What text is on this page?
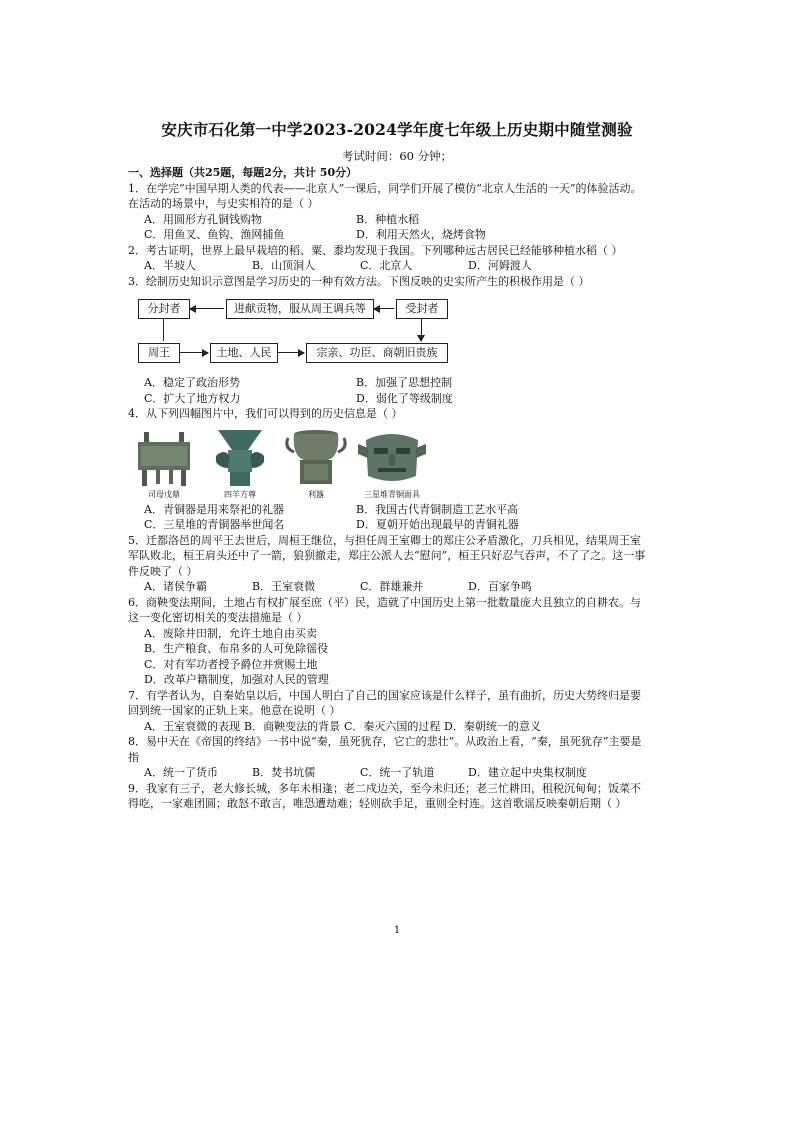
安庆市石化第一中学2023-2024学年度七年级上历史期中随堂测验
考试时间：60 分钟；
一、选择题（共25题，每题2分，共计 50分）
1．在学完“中国早期人类的代表——北京人”一课后，同学们开展了模仿“北京人生活的一天”的体验活动。
在活动的场景中，与史实相符的是（ ）
A．用圆形方孔铜钱购物	B．种植水稻
C．用鱼叉、鱼钩、渔网捕鱼	D．利用天然火，烧烤食物
2．考古证明，世界上最早栽培的稻、粟、黍均发现于我国。下列哪种远古居民已经能够种植水稻（ ）
A．半坡人	B．山顶洞人	C．北京人	D．河姆渡人
3．绘制历史知识示意图是学习历史的一种有效方法。下图反映的史实所产生的积极作用是（ ）
分封者	进献贡物，服从周王调兵等	受封者
周王	土地、人民	宗亲、功臣、商朝旧贵族
A．稳定了政治形势	B．加强了思想控制
C．扩大了地方权力	D．弱化了等级制度
4．从下列四幅图片中，我们可以得到的历史信息是（ ）
司母戊鼎	四羊方尊	利簋	三星堆青铜面具
A．青铜器是用来祭祀的礼器	B．我国古代青铜制造工艺水平高
C．三星堆的青铜器举世闻名	D．夏朝开始出现最早的青铜礼器
5．迁都洛邑的周平王去世后，周桓王继位，与担任周王室卿士的郑庄公矛盾激化，刀兵相见，结果周王室
军队败北，桓王肩头还中了一箭，狼狈撤走，郑庄公派人去“慰问”，桓王只好忍气吞声，不了了之。这一事
件反映了（ ）
A．诸侯争霸	B．王室衰微	C．群雄兼并	D．百家争鸣
6．商鞅变法期间，土地占有权扩展至庶（平）民，造就了中国历史上第一批数量庞大且独立的自耕农。与
这一变化密切相关的变法措施是（ ）
A．废除井田制，允许土地自由买卖
B．生产粮食、布帛多的人可免除徭役
C．对有军功者授予爵位并赏赐土地
D．改革户籍制度，加强对人民的管理
7．有学者认为，自秦始皇以后，中国人明白了自己的国家应该是什么样子，虽有曲折，历史大势终归是要
回到统一国家的正轨上来。他意在说明（ ）
A．王室衰微的表现 B．商鞅变法的背景 C．秦灭六国的过程 D．秦朝统一的意义
8．易中天在《帝国的终结》一书中说“秦，虽死犹存，它亡的悲壮”。从政治上看，“秦，虽死犹存”主要是
指
A．统一了货币	B．焚书坑儒	C．统一了轨道	D．建立起中央集权制度
9．我家有三子，老大修长城，多年未相逢；老二戍边关，至今未归还；老三忙耕田，租税沉甸甸；饭菜不
得吃，一家难团圆；敢怒不敢言，唯恐遭劫难；轻则砍手足，重则全村连。这首歌谣反映秦朝后期（ ）
1
